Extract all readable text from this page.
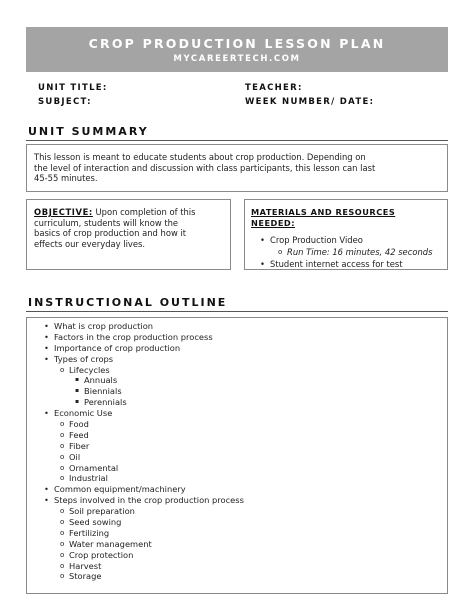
CROP PRODUCTION LESSON PLAN
MYCAREERTECH.COM
UNIT TITLE:	TEACHER:
SUBJECT:	WEEK NUMBER/ DATE:
UNIT SUMMARY
This lesson is meant to educate students about crop production. Depending on
the level of interaction and discussion with class participants, this lesson can last
45-55 minutes.
OBJECTIVE: Upon completion of this
curriculum, students will know the
basics of crop production and how it
effects our everyday lives.
MATERIALS AND RESOURCES NEEDED:
• Crop Production Video
o Run Time: 16 minutes, 42 seconds
• Student internet access for test
INSTRUCTIONAL OUTLINE
• What is crop production
• Factors in the crop production process
• Importance of crop production
• Types of crops
o Lifecycles
▪ Annuals
▪ Biennials
▪ Perennials
• Economic Use
o Food
o Feed
o Fiber
o Oil
o Ornamental
o Industrial
• Common equipment/machinery
• Steps involved in the crop production process
o Soil preparation
o Seed sowing
o Fertilizing
o Water management
o Crop protection
o Harvest
o Storage
